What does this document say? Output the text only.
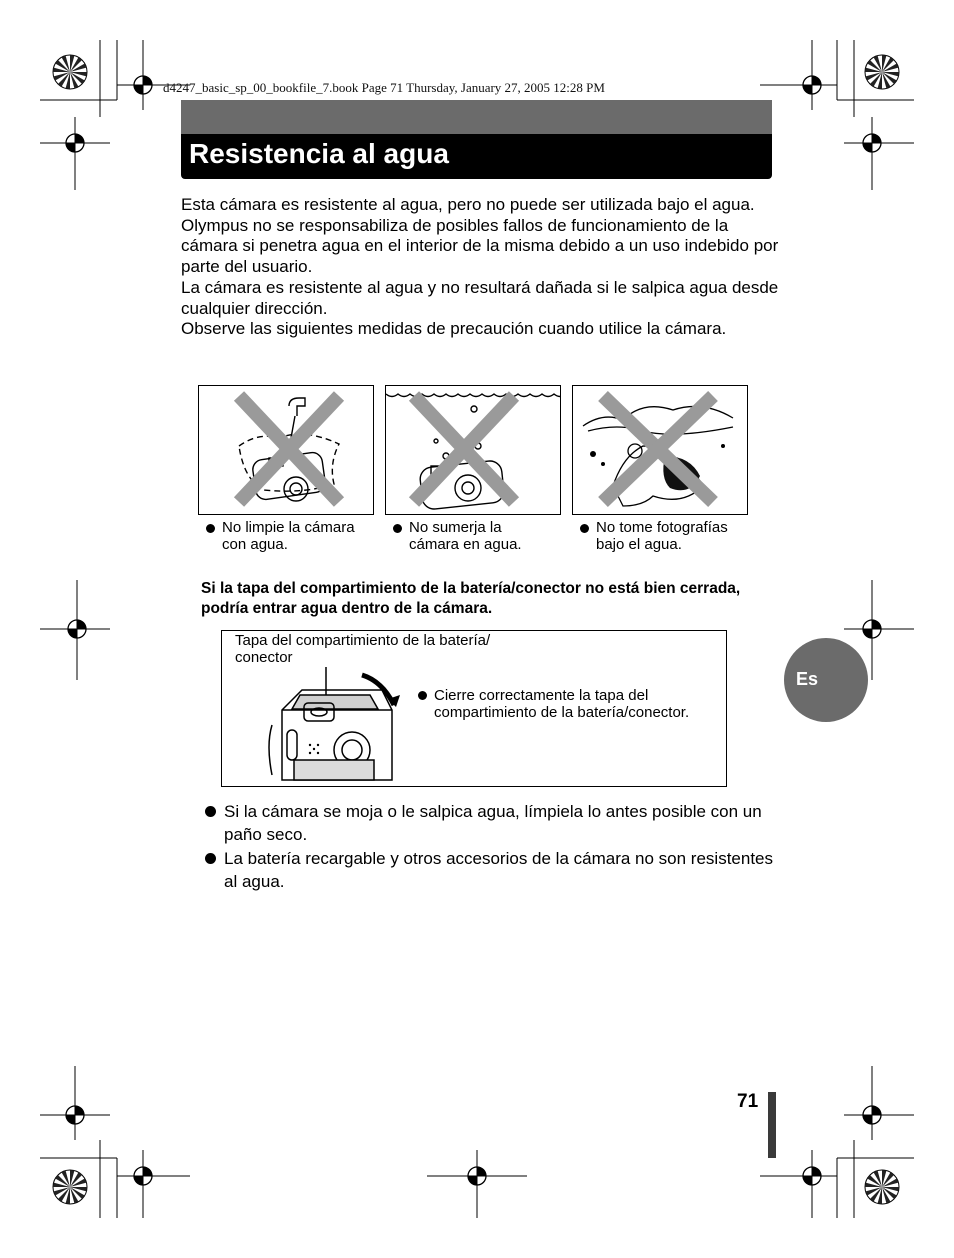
d4247_basic_sp_00_bookfile_7.book Page 71 Thursday, January 27, 2005 12:28 PM
Resistencia al agua

Esta cámara es resistente al agua, pero no puede ser utilizada bajo el agua.

Olympus no se responsabiliza de posibles fallos de funcionamiento de la cámara si penetra agua en el interior de la misma debido a un uso indebido por parte del usuario.

La cámara es resistente al agua y no resultará dañada si le salpica agua desde cualquier dirección.

Observe las siguientes medidas de precaución cuando utilice la cámara.

No limpie la cámara con agua.
No sumerja la cámara en agua.
No tome fotografías bajo el agua.
Si la tapa del compartimiento de la batería/conector no está bien cerrada, podría entrar agua dentro de la cámara.
Tapa del compartimiento de la batería/ conector
Cierre correctamente la tapa del compartimiento de la batería/conector.
Si la cámara se moja o le salpica agua, límpiela lo antes posible con un paño seco.
La batería recargable y otros accesorios de la cámara no son resistentes al agua.
Es
71
